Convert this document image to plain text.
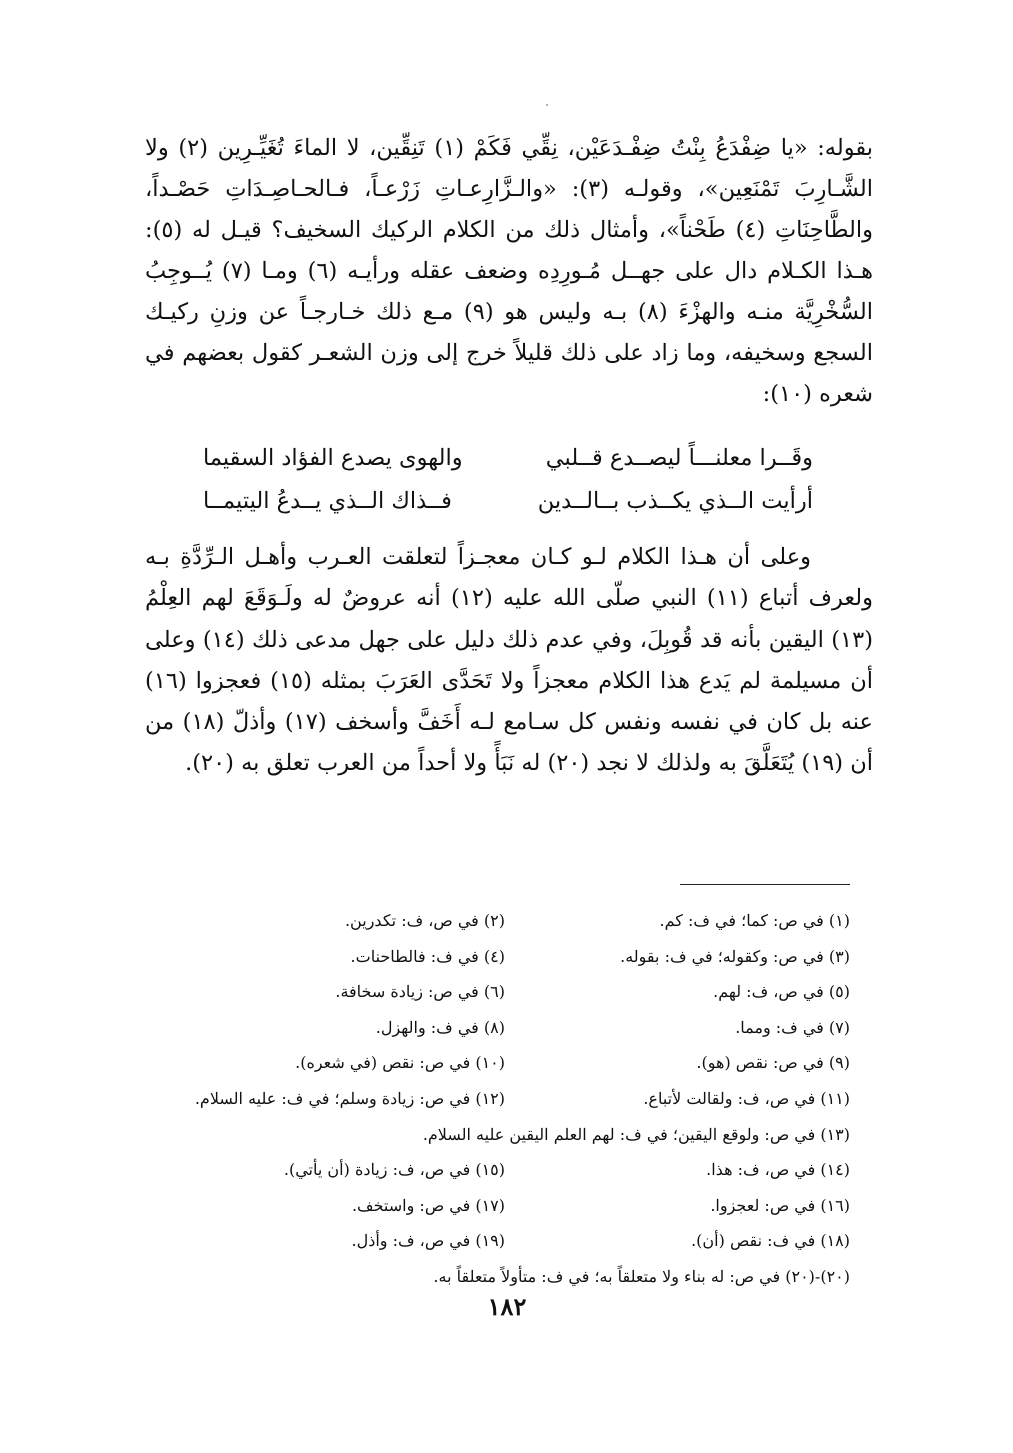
بقوله: «يا ضِفْدَعُ بِنْتُ ضِفْـدَعَيْن، نِقِّي فَكَمْ (١) تَنِقِّين، لا الماءَ تُغَيِّـرِين (٢) ولا الشَّـارِبَ تَمْنَعِين»، وقولـه (٣): «والـزَّارِعـاتِ زَرْعـاً، فـالحـاصِـدَاتِ حَصْـداً، والطَّاحِنَاتِ (٤) طَحْناً»، وأمثال ذلك من الكلام الركيك السخيف؟ قيـل له (٥): هـذا الكـلام دال على جهــل مُـورِدِه وضعف عقله ورأيـه (٦) ومـا (٧) يُــوجِبُ السُّخْرِيَّة منـه والهزْءَ (٨) بـه وليس هو (٩) مـع ذلك خـارجـاً عن وزنِ ركيـك السجع وسخيفه، وما زاد على ذلك قليلاً خرج إلى وزن الشعـر كقول بعضهم في شعره (١٠):

وقَــرا معلنـــاً ليصــدع قــلبي
والهوى يصدع الفؤاد السقيما
أرأيت الــذي يكــذب بــالــدين
فــذاك الــذي يــدعُ اليتيمــا

وعلى أن هـذا الكلام لـو كـان معجـزاً لتعلقت العـرب وأهـل الـرِّدَّةِ بـه ولعرف أتباع (١١) النبي صلّى الله عليه (١٢) أنه عروضٌ له ولَـوَقَعَ لهم العِلْمُ (١٣) اليقين بأنه قد قُوبِلَ، وفي عدم ذلك دليل على جهل مدعى ذلك (١٤) وعلى أن مسيلمة لم يَدع هذا الكلام معجزاً ولا تَحَدَّى العَرَبَ بمثله (١٥) فعجزوا (١٦) عنه بل كان في نفسه ونفس كل سـامع لـه أَخَفَّ وأسخف (١٧) وأذلّ (١٨) من أن (١٩) يُتَعَلَّقَ به ولذلك لا نجد (٢٠) له نَبَأً ولا أحداً من العرب تعلق به (٢٠).

(١) في ص: كما؛ في ف: كم.
(٢) في ص، ف: تكدرين.
(٣) في ص: وكقوله؛ في ف: بقوله.
(٤) في ف: فالطاحنات.
(٥) في ص، ف: لهم.
(٦) في ص: زيادة سخافة.
(٧) في ف: ومما.
(٨) في ف: والهزل.
(٩) في ص: نقص (هو).
(١٠) في ص: نقص (في شعره).
(١١) في ص، ف: ولقالت لأتباع.
(١٢) في ص: زيادة وسلم؛ في ف: عليه السلام.
(١٣) في ص: ولوقع اليقين؛ في ف: لهم العلم اليقين عليه السلام.
(١٤) في ص، ف: هذا.
(١٥) في ص، ف: زيادة (أن يأتي).
(١٦) في ص: لعجزوا.
(١٧) في ص: واستخف.
(١٨) في ف: نقص (أن).
(١٩) في ص، ف: وأذل.
(٢٠)-(٢٠) في ص: له بناء ولا متعلقاً به؛ في ف: متأولاً متعلقاً به.
١٨٢
